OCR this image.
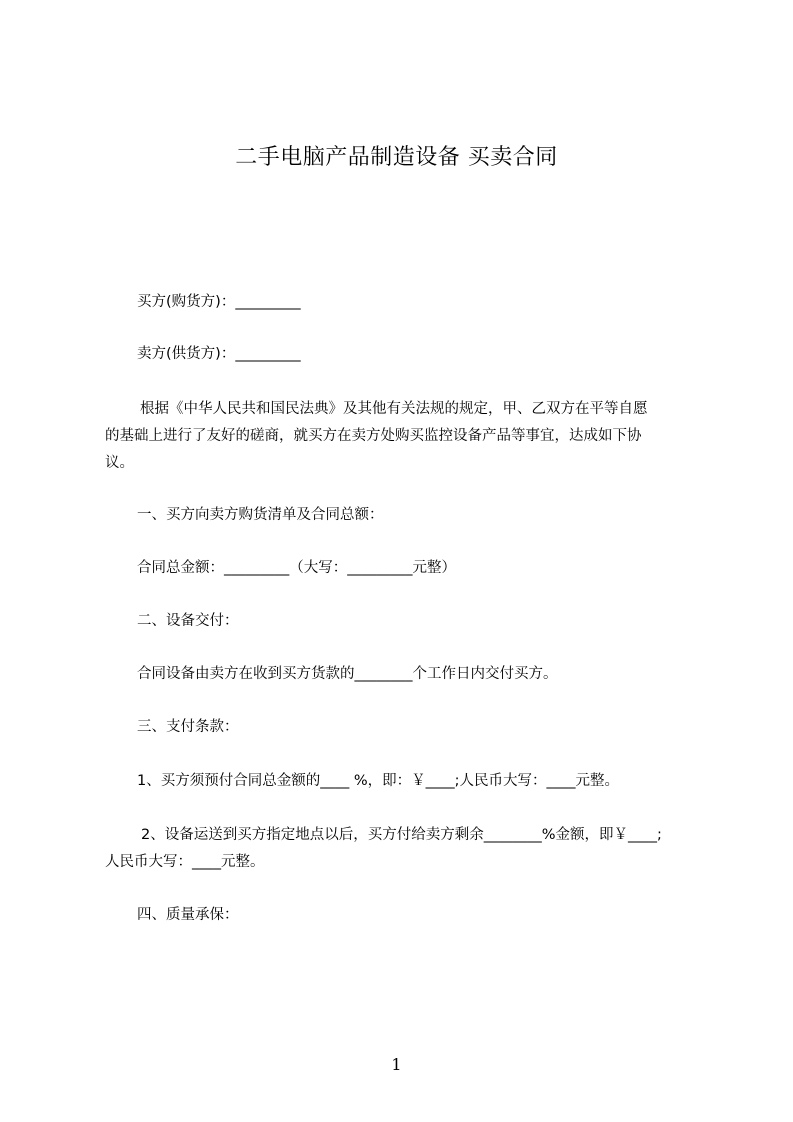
二手电脑产品制造设备 买卖合同
买方(购货方)：_________
卖方(供货方)：_________
根据《中华人民共和国民法典》及其他有关法规的规定，甲、乙双方在平等自愿
的基础上进行了友好的磋商，就买方在卖方处购买监控设备产品等事宜，达成如下协
议。
一、买方向卖方购货清单及合同总额：
合同总金额：_________（大写：_________元整）
二、设备交付：
合同设备由卖方在收到买方货款的________个工作日内交付买方。
三、支付条款：
1、买方须预付合同总金额的____ %，即：￥____;人民币大写：____元整。
2、设备运送到买方指定地点以后，买方付给卖方剩余________%金额，即￥____;
人民币大写：____元整。
四、质量承保：
1
